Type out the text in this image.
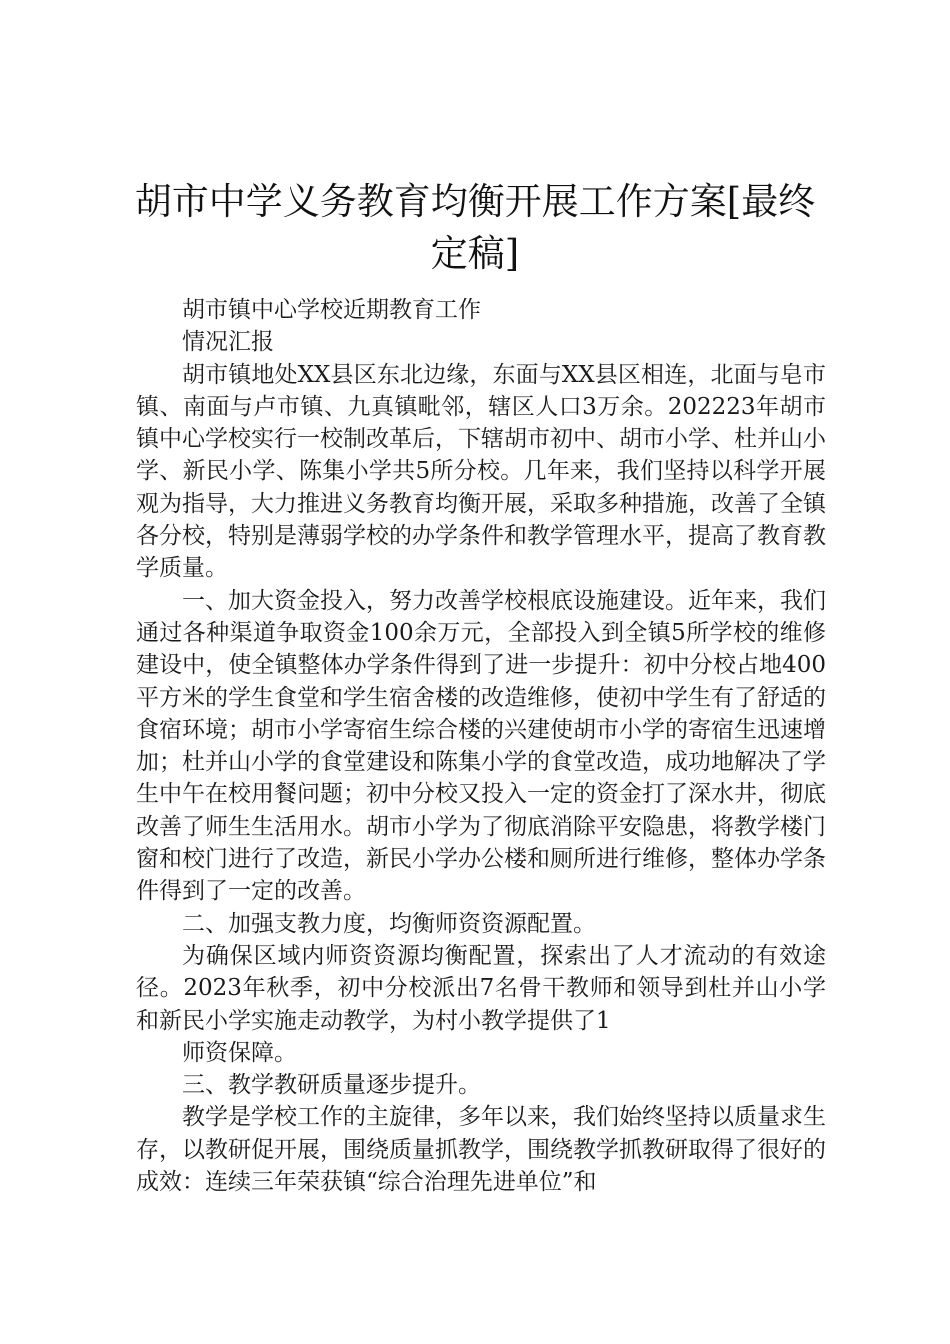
胡市中学义务教育均衡开展工作方案[最终定稿]

胡市镇中心学校近期教育工作

情况汇报

胡市镇地处XX县区东北边缘，东面与XX县区相连，北面与皂市镇、南面与卢市镇、九真镇毗邻，辖区人口3万余。202223年胡市镇中心学校实行一校制改革后，下辖胡市初中、胡市小学、杜并山小学、新民小学、陈集小学共5所分校。几年来，我们坚持以科学开展观为指导，大力推进义务教育均衡开展，采取多种措施，改善了全镇各分校，特别是薄弱学校的办学条件和教学管理水平，提高了教育教学质量。

一、加大资金投入，努力改善学校根底设施建设。近年来，我们通过各种渠道争取资金100余万元，全部投入到全镇5所学校的维修建设中，使全镇整体办学条件得到了进一步提升：初中分校占地400平方米的学生食堂和学生宿舍楼的改造维修，使初中学生有了舒适的食宿环境；胡市小学寄宿生综合楼的兴建使胡市小学的寄宿生迅速增加；杜并山小学的食堂建设和陈集小学的食堂改造，成功地解决了学生中午在校用餐问题；初中分校又投入一定的资金打了深水井，彻底改善了师生生活用水。胡市小学为了彻底消除平安隐患，将教学楼门窗和校门进行了改造，新民小学办公楼和厕所进行维修，整体办学条件得到了一定的改善。

二、加强支教力度，均衡师资资源配置。

为确保区域内师资资源均衡配置，探索出了人才流动的有效途径。2023年秋季，初中分校派出7名骨干教师和领导到杜并山小学和新民小学实施走动教学，为村小教学提供了1

师资保障。

三、教学教研质量逐步提升。

教学是学校工作的主旋律，多年以来，我们始终坚持以质量求生存，以教研促开展，围绕质量抓教学，围绕教学抓教研取得了很好的成效：连续三年荣获镇“综合治理先进单位”和
